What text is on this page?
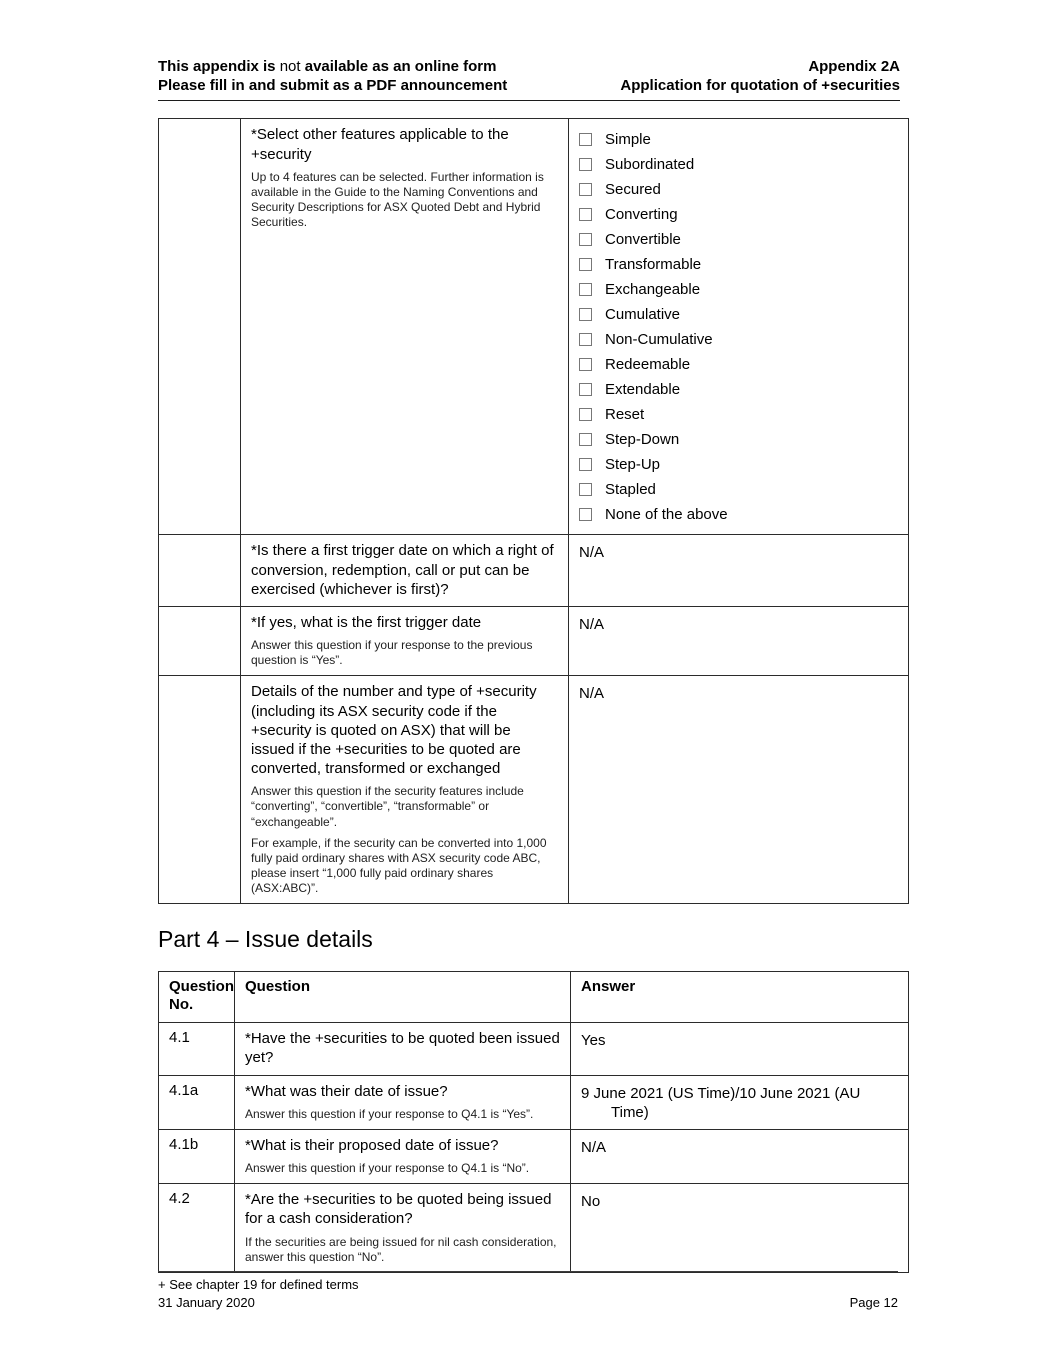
This appendix is not available as an online form
Please fill in and submit as a PDF announcement
Appendix 2A
Application for quotation of +securities

*Select other features applicable to the +security
Up to 4 features can be selected. Further information is available in the Guide to the Naming Conventions and Security Descriptions for ASX Quoted Debt and Hybrid Securities.

Simple
Subordinated
Secured
Converting
Convertible
Transformable
Exchangeable
Cumulative
Non-Cumulative
Redeemable
Extendable
Reset
Step-Down
Step-Up
Stapled
None of the above

	*Is there a first trigger date on which a right of conversion, redemption, call or put can be exercised (whichever is first)?	N/A

	*If yes, what is the first trigger date
Answer this question if your response to the previous question is “Yes”.	N/A

	Details of the number and type of +security (including its ASX security code if the +security is quoted on ASX) that will be issued if the +securities to be quoted are converted, transformed or exchanged
Answer this question if the security features include “converting”, “convertible”, “transformable” or “exchangeable”.
For example, if the security can be converted into 1,000 fully paid ordinary shares with ASX security code ABC, please insert “1,000 fully paid ordinary shares (ASX:ABC)”.	N/A
Part 4 – Issue details
Question No.	Question	Answer
4.1	*Have the +securities to be quoted been issued yet?	Yes

4.1a	*What was their date of issue?
Answer this question if your response to Q4.1 is “Yes”.	9 June 2021 (US Time)/10 June 2021 (AU Time)

4.1b	*What is their proposed date of issue?
Answer this question if your response to Q4.1 is “No”.	N/A

4.2	*Are the +securities to be quoted being issued for a cash consideration?
If the securities are being issued for nil cash consideration, answer this question “No”.	No
+ See chapter 19 for defined terms
31 January 2020	Page 12
